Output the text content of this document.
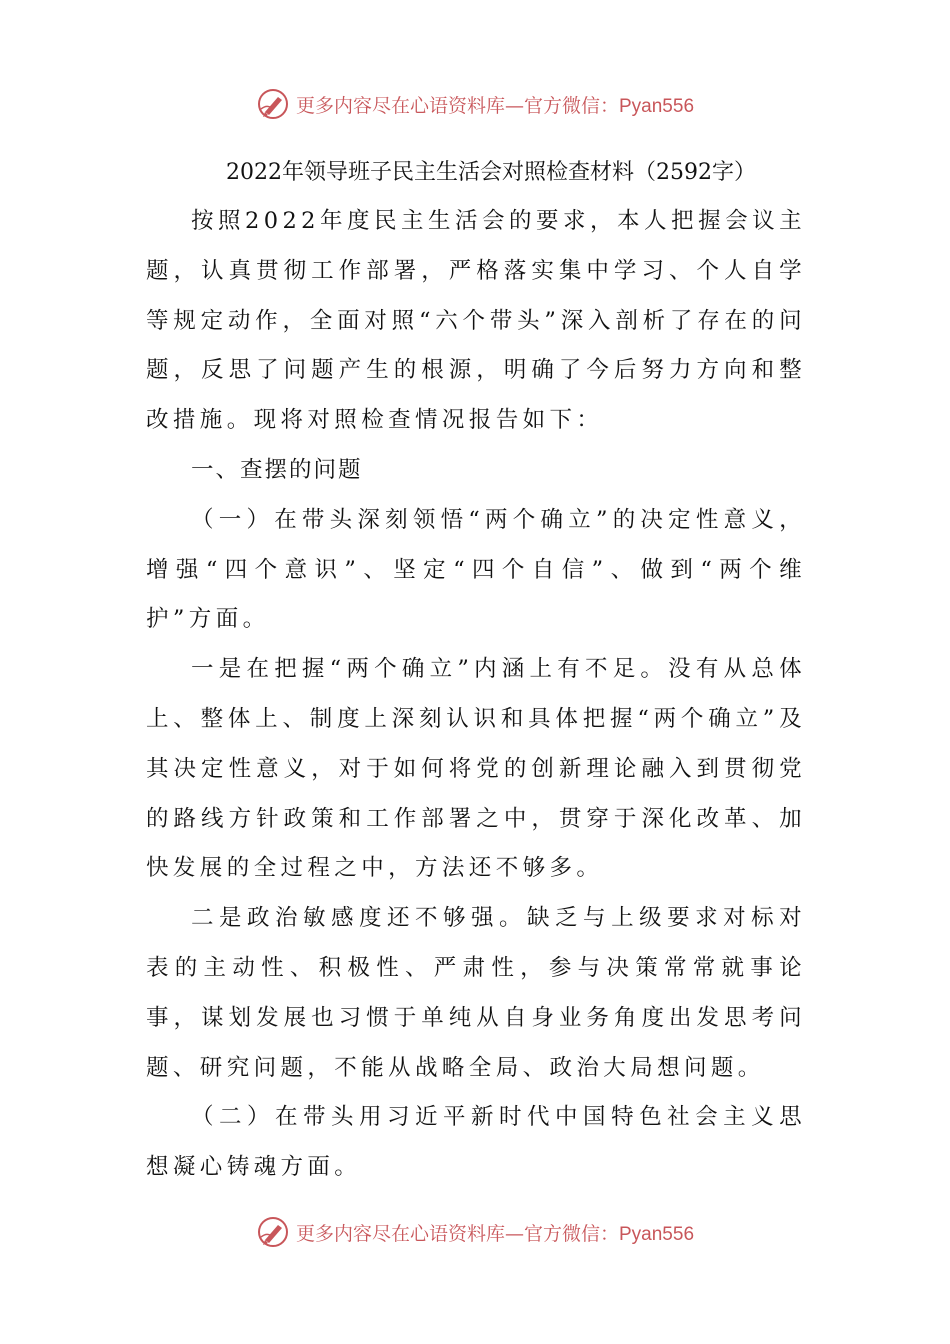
更多内容尽在心语资料库—官方微信：Pyan556
2022年领导班子民主生活会对照检查材料（2592字）

按照2022年度民主生活会的要求，本人把握会议主题，认真贯彻工作部署，严格落实集中学习、个人自学等规定动作，全面对照“六个带头”深入剖析了存在的问题，反思了问题产生的根源，明确了今后努力方向和整改措施。现将对照检查情况报告如下：

一、查摆的问题

（一）在带头深刻领悟“两个确立”的决定性意义，增强“四个意识”、坚定“四个自信”、做到“两个维护”方面。

一是在把握“两个确立”内涵上有不足。没有从总体上、整体上、制度上深刻认识和具体把握“两个确立”及其决定性意义，对于如何将党的创新理论融入到贯彻党的路线方针政策和工作部署之中，贯穿于深化改革、加快发展的全过程之中，方法还不够多。

二是政治敏感度还不够强。缺乏与上级要求对标对表的主动性、积极性、严肃性，参与决策常常就事论事，谋划发展也习惯于单纯从自身业务角度出发思考问题、研究问题，不能从战略全局、政治大局想问题。

（二）在带头用习近平新时代中国特色社会主义思想凝心铸魂方面。

更多内容尽在心语资料库—官方微信：Pyan556
